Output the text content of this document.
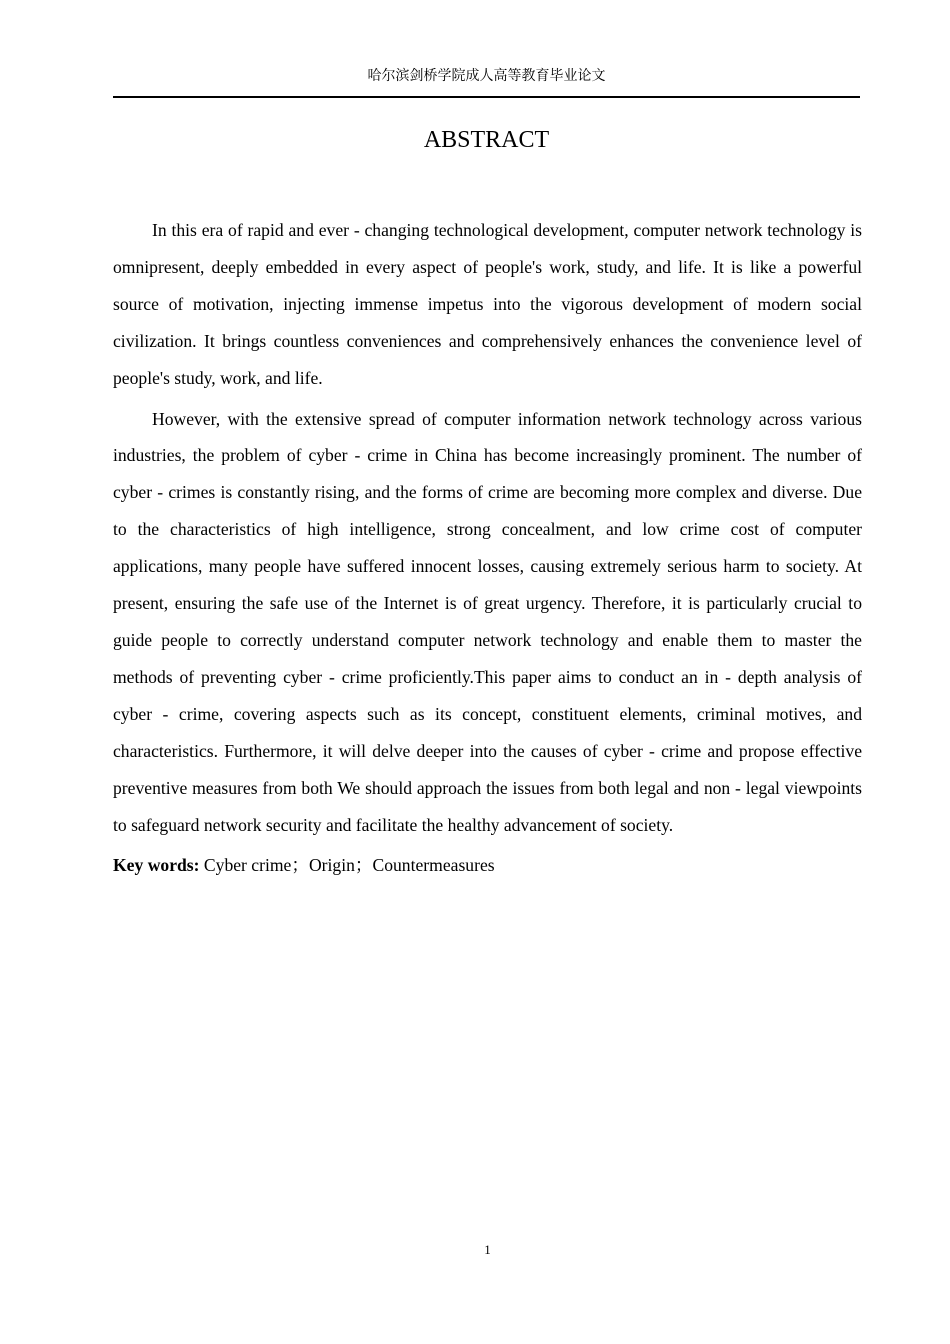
哈尔滨剑桥学院成人高等教育毕业论文
ABSTRACT

In this era of rapid and ever - changing technological development, computer network technology is omnipresent, deeply embedded in every aspect of people's work, study, and life. It is like a powerful source of motivation, injecting immense impetus into the vigorous development of modern social civilization. It brings countless conveniences and comprehensively enhances the convenience level of people's study, work, and life.

However, with the extensive spread of computer information network technology across various industries, the problem of cyber - crime in China has become increasingly prominent. The number of cyber - crimes is constantly rising, and the forms of crime are becoming more complex and diverse. Due to the characteristics of high intelligence, strong concealment, and low crime cost of computer applications, many people have suffered innocent losses, causing extremely serious harm to society. At present, ensuring the safe use of the Internet is of great urgency. Therefore, it is particularly crucial to guide people to correctly understand computer network technology and enable them to master the methods of preventing cyber - crime proficiently.This paper aims to conduct an in - depth analysis of cyber - crime, covering aspects such as its concept, constituent elements, criminal motives, and characteristics. Furthermore, it will delve deeper into the causes of cyber - crime and propose effective preventive measures from both We should approach the issues from both legal and non - legal viewpoints to safeguard network security and facilitate the healthy advancement of society.

Key words: Cyber crime；Origin；Countermeasures

1
